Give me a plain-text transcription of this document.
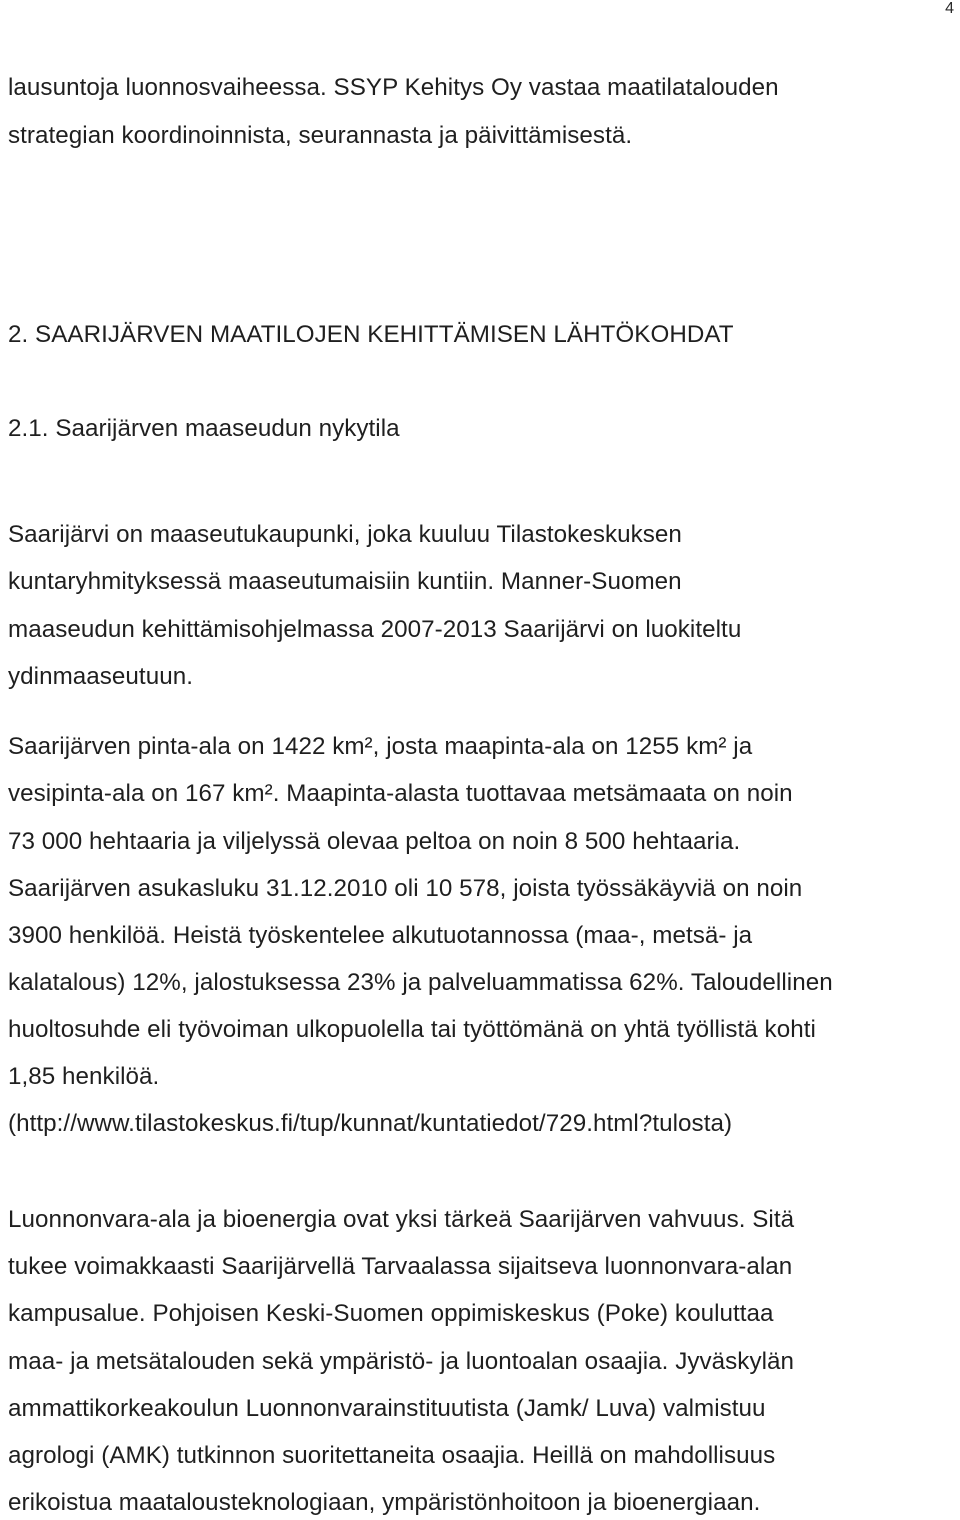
4
lausuntoja luonnosvaiheessa. SSYP Kehitys Oy vastaa maatilatalouden
strategian koordinoinnista, seurannasta ja päivittämisestä.
2. SAARIJÄRVEN MAATILOJEN KEHITTÄMISEN LÄHTÖKOHDAT
2.1. Saarijärven maaseudun nykytila
Saarijärvi on maaseutukaupunki, joka kuuluu Tilastokeskuksen
kuntaryhmityksessä maaseutumaisiin kuntiin. Manner-Suomen
maaseudun kehittämisohjelmassa 2007-2013 Saarijärvi on luokiteltu
ydinmaaseutuun.
Saarijärven pinta-ala on 1422 km², josta maapinta-ala on 1255 km² ja
vesipinta-ala on 167 km². Maapinta-alasta tuottavaa metsämaata on noin
73 000 hehtaaria ja viljelyssä olevaa peltoa on noin 8 500 hehtaaria.
Saarijärven asukasluku 31.12.2010 oli 10 578, joista työssäkäyviä on noin
3900 henkilöä. Heistä työskentelee alkutuotannossa (maa-, metsä- ja
kalatalous) 12%, jalostuksessa 23% ja palveluammatissa 62%. Taloudellinen
huoltosuhde eli työvoiman ulkopuolella tai työttömänä on yhtä työllistä kohti
1,85 henkilöä.
(http://www.tilastokeskus.fi/tup/kunnat/kuntatiedot/729.html?tulosta)
Luonnonvara-ala ja bioenergia ovat yksi tärkeä Saarijärven vahvuus. Sitä
tukee voimakkaasti Saarijärvellä Tarvaalassa sijaitseva luonnonvara-alan
kampusalue. Pohjoisen Keski-Suomen oppimiskeskus (Poke) kouluttaa
maa- ja metsätalouden sekä ympäristö- ja luontoalan osaajia. Jyväskylän
ammattikorkeakoulun Luonnonvarainstituutista (Jamk/ Luva) valmistuu
agrologi (AMK) tutkinnon suoritettaneita osaajia. Heillä on mahdollisuus
erikoistua maatalousteknologiaan, ympäristönhoitoon ja bioenergiaan.
